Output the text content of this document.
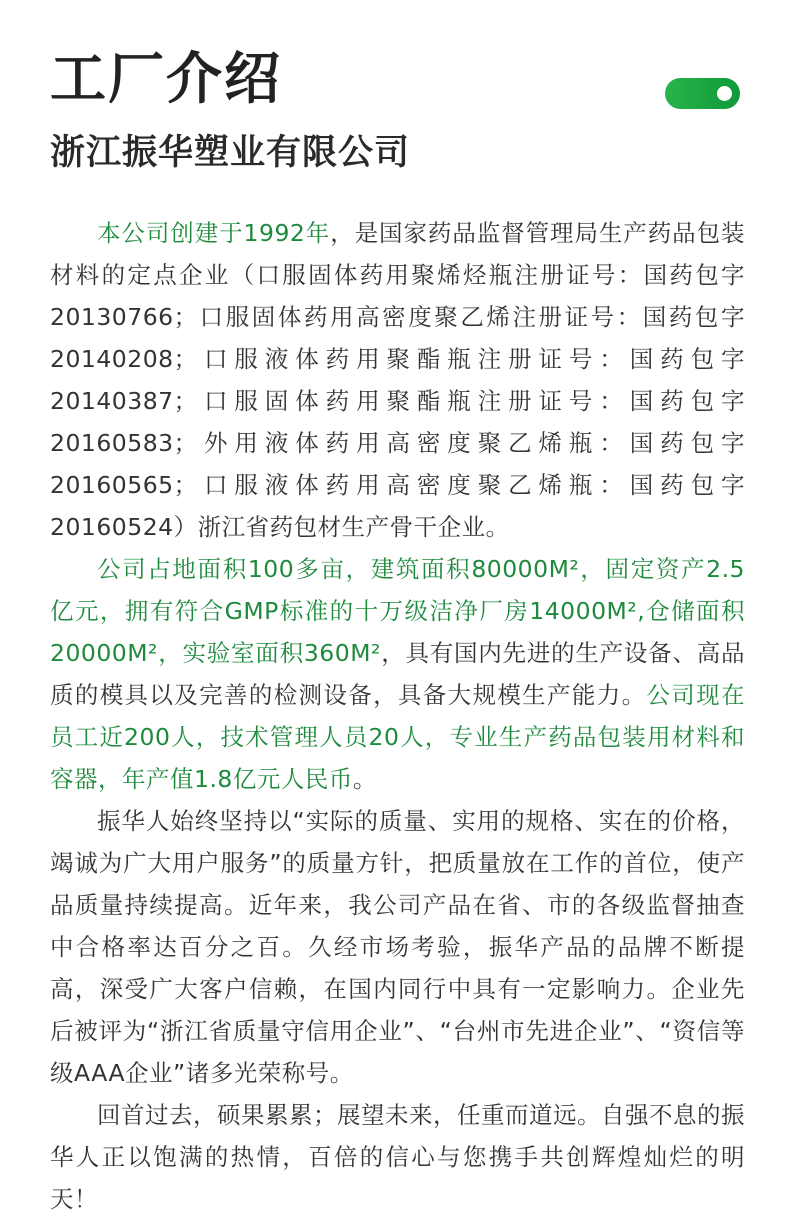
工厂介绍
浙江振华塑业有限公司

本公司创建于1992年，是国家药品监督管理局生产药品包装材料的定点企业（口服固体药用聚烯烃瓶注册证号：国药包字20130766；口服固体药用高密度聚乙烯注册证号：国药包字20140208；口服液体药用聚酯瓶注册证号：国药包字20140387；口服固体药用聚酯瓶注册证号：国药包字20160583；外用液体药用高密度聚乙烯瓶：国药包字20160565；口服液体药用高密度聚乙烯瓶：国药包字20160524）浙江省药包材生产骨干企业。

公司占地面积100多亩，建筑面积80000M²，固定资产2.5亿元，拥有符合GMP标准的十万级洁净厂房14000M²,仓储面积20000M²，实验室面积360M²，具有国内先进的生产设备、高品质的模具以及完善的检测设备，具备大规模生产能力。公司现在员工近200人，技术管理人员20人，专业生产药品包装用材料和容器，年产值1.8亿元人民币。

振华人始终坚持以“实际的质量、实用的规格、实在的价格，竭诚为广大用户服务”的质量方针，把质量放在工作的首位，使产品质量持续提高。近年来，我公司产品在省、市的各级监督抽查中合格率达百分之百。久经市场考验，振华产品的品牌不断提高，深受广大客户信赖，在国内同行中具有一定影响力。企业先后被评为“浙江省质量守信用企业”、“台州市先进企业”、“资信等级AAA企业”诸多光荣称号。

回首过去，硕果累累；展望未来，任重而道远。自强不息的振华人正以饱满的热情，百倍的信心与您携手共创辉煌灿烂的明天！
